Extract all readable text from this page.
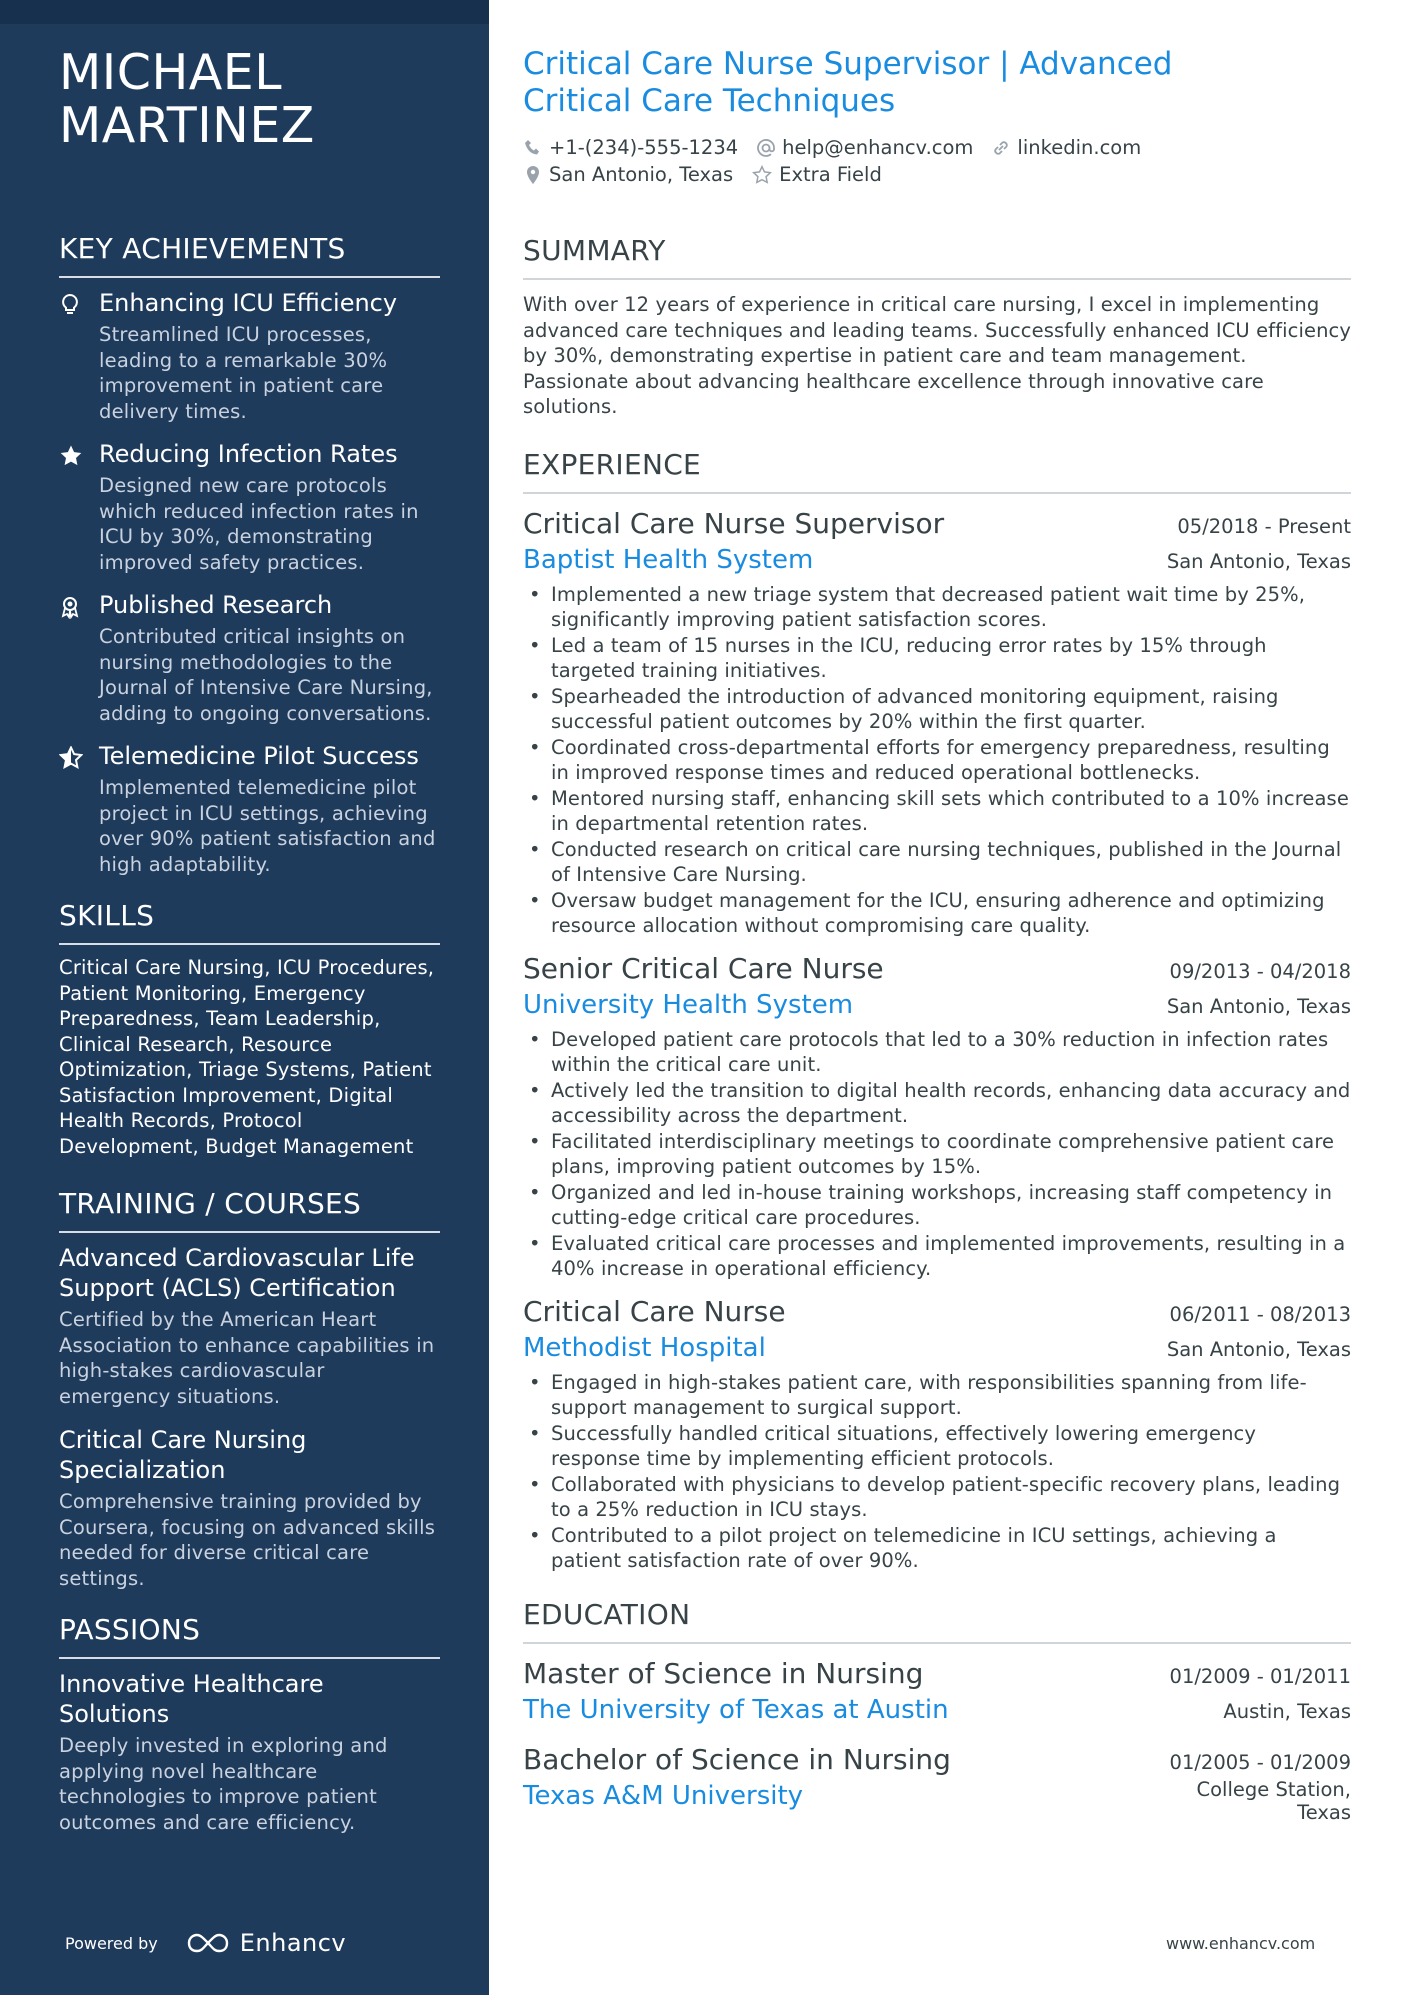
MICHAEL
MARTINEZ
KEY ACHIEVEMENTS
Enhancing ICU Efficiency
Streamlined ICU processes, leading to a remarkable 30% improvement in patient care delivery times.
Reducing Infection Rates
Designed new care protocols which reduced infection rates in ICU by 30%, demonstrating improved safety practices.
Published Research
Contributed critical insights on nursing methodologies to the Journal of Intensive Care Nursing, adding to ongoing conversations.
Telemedicine Pilot Success
Implemented telemedicine pilot project in ICU settings, achieving over 90% patient satisfaction and high adaptability.
SKILLS
Critical Care Nursing, ICU Procedures, Patient Monitoring, Emergency Preparedness, Team Leadership, Clinical Research, Resource Optimization, Triage Systems, Patient Satisfaction Improvement, Digital Health Records, Protocol Development, Budget Management
TRAINING / COURSES
Advanced Cardiovascular Life Support (ACLS) Certification
Certified by the American Heart Association to enhance capabilities in high-stakes cardiovascular emergency situations.
Critical Care Nursing Specialization
Comprehensive training provided by Coursera, focusing on advanced skills needed for diverse critical care settings.
PASSIONS
Innovative Healthcare Solutions
Deeply invested in exploring and applying novel healthcare technologies to improve patient outcomes and care efficiency.
Powered by	Enhancv
Critical Care Nurse Supervisor | Advanced Critical Care Techniques
+1-(234)-555-1234 help@enhancv.com linkedin.com
San Antonio, Texas Extra Field
SUMMARY
With over 12 years of experience in critical care nursing, I excel in implementing advanced care techniques and leading teams. Successfully enhanced ICU efficiency by 30%, demonstrating expertise in patient care and team management. Passionate about advancing healthcare excellence through innovative care solutions.
EXPERIENCE
Critical Care Nurse Supervisor	05/2018 - Present
Baptist Health System	San Antonio, Texas
• Implemented a new triage system that decreased patient wait time by 25%, significantly improving patient satisfaction scores.
• Led a team of 15 nurses in the ICU, reducing error rates by 15% through targeted training initiatives.
• Spearheaded the introduction of advanced monitoring equipment, raising successful patient outcomes by 20% within the first quarter.
• Coordinated cross-departmental efforts for emergency preparedness, resulting in improved response times and reduced operational bottlenecks.
• Mentored nursing staff, enhancing skill sets which contributed to a 10% increase in departmental retention rates.
• Conducted research on critical care nursing techniques, published in the Journal of Intensive Care Nursing.
• Oversaw budget management for the ICU, ensuring adherence and optimizing resource allocation without compromising care quality.
Senior Critical Care Nurse	09/2013 - 04/2018
University Health System	San Antonio, Texas
• Developed patient care protocols that led to a 30% reduction in infection rates within the critical care unit.
• Actively led the transition to digital health records, enhancing data accuracy and accessibility across the department.
• Facilitated interdisciplinary meetings to coordinate comprehensive patient care plans, improving patient outcomes by 15%.
• Organized and led in-house training workshops, increasing staff competency in cutting-edge critical care procedures.
• Evaluated critical care processes and implemented improvements, resulting in a 40% increase in operational efficiency.
Critical Care Nurse	06/2011 - 08/2013
Methodist Hospital	San Antonio, Texas
• Engaged in high-stakes patient care, with responsibilities spanning from life-support management to surgical support.
• Successfully handled critical situations, effectively lowering emergency response time by implementing efficient protocols.
• Collaborated with physicians to develop patient-specific recovery plans, leading to a 25% reduction in ICU stays.
• Contributed to a pilot project on telemedicine in ICU settings, achieving a patient satisfaction rate of over 90%.
EDUCATION
Master of Science in Nursing	01/2009 - 01/2011
The University of Texas at Austin	Austin, Texas
Bachelor of Science in Nursing	01/2005 - 01/2009
Texas A&M University	College Station, Texas
www.enhancv.com
